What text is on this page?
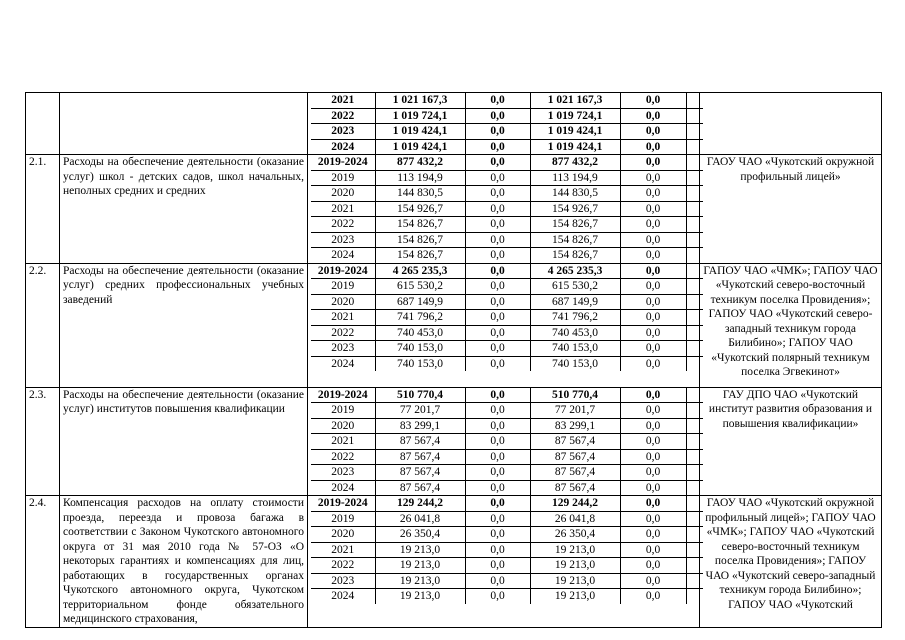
2021	1 021 167,3	0,0	1 021 167,3	0,0	
2022	1 019 724,1	0,0	1 019 724,1	0,0	
2023	1 019 424,1	0,0	1 019 424,1	0,0	
2024	1 019 424,1	0,0	1 019 424,1	0,0	

2.1.	Расходы на обеспечение деятельности (оказание услуг) школ - детских садов, школ начальных, неполных средних и средних	
2019-2024	877 432,2	0,0	877 432,2	0,0	
2019	113 194,9	0,0	113 194,9	0,0	
2020	144 830,5	0,0	144 830,5	0,0	
2021	154 926,7	0,0	154 926,7	0,0	
2022	154 826,7	0,0	154 826,7	0,0	
2023	154 826,7	0,0	154 826,7	0,0	
2024	154 826,7	0,0	154 826,7	0,0	
	ГАОУ ЧАО «Чукотский окружной профильный лицей»
2.2.	Расходы на обеспечение деятельности (оказание услуг) средних профессиональных учебных заведений	
2019-2024	4 265 235,3	0,0	4 265 235,3	0,0	
2019	615 530,2	0,0	615 530,2	0,0	
2020	687 149,9	0,0	687 149,9	0,0	
2021	741 796,2	0,0	741 796,2	0,0	
2022	740 453,0	0,0	740 453,0	0,0	
2023	740 153,0	0,0	740 153,0	0,0	
2024	740 153,0	0,0	740 153,0	0,0	
	ГАПОУ ЧАО «ЧМК»; ГАПОУ ЧАО «Чукотский северо-восточный техникум поселка Провидения»; ГАПОУ ЧАО «Чукотский северо-западный техникум города Билибино»; ГАПОУ ЧАО «Чукотский полярный техникум поселка Эгвекинот»
2.3.	Расходы на обеспечение деятельности (оказание услуг) институтов повышения квалификации	
2019-2024	510 770,4	0,0	510 770,4	0,0	
2019	77 201,7	0,0	77 201,7	0,0	
2020	83 299,1	0,0	83 299,1	0,0	
2021	87 567,4	0,0	87 567,4	0,0	
2022	87 567,4	0,0	87 567,4	0,0	
2023	87 567,4	0,0	87 567,4	0,0	
2024	87 567,4	0,0	87 567,4	0,0	
	ГАУ ДПО ЧАО «Чукотский институт развития образования и повышения квалификации»
2.4.	Компенсация расходов на оплату стоимости проезда, переезда и провоза багажа в соответствии с Законом Чукотского автономного округа от 31 мая 2010 года № 57-ОЗ «О некоторых гарантиях и компенсациях для лиц, работающих в государственных органах Чукотского автономного округа, Чукотском территориальном фонде обязательного медицинского страхования,	
2019-2024	129 244,2	0,0	129 244,2	0,0	
2019	26 041,8	0,0	26 041,8	0,0	
2020	26 350,4	0,0	26 350,4	0,0	
2021	19 213,0	0,0	19 213,0	0,0	
2022	19 213,0	0,0	19 213,0	0,0	
2023	19 213,0	0,0	19 213,0	0,0	
2024	19 213,0	0,0	19 213,0	0,0	
	ГАОУ ЧАО «Чукотский окружной профильный лицей»; ГАПОУ ЧАО «ЧМК»; ГАПОУ ЧАО «Чукотский северо-восточный техникум поселка Провидения»; ГАПОУ ЧАО «Чукотский северо-западный техникум города Билибино»; ГАПОУ ЧАО «Чукотский
